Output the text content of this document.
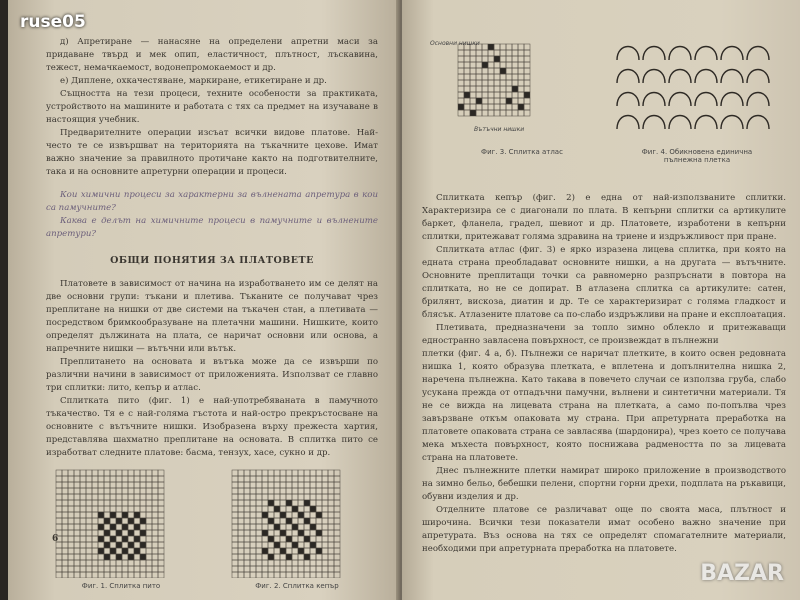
д) Апретиране — нанасяне на определени апретни маси за придаване твърд и мек опип, еластичност, плътност, лъскавина, тежест, немачкаемост, водонепромокаемост и др.

е) Дипленe, охкачестяване, маркиране, етикетиране и др.

Същността на тези процеси, техните особености за практиката, устройството на машините и работата с тях са предмет на изучаване в настоящия учебник.

Предварителните операции изсъат всички видове платове. Най-често те се извършват на територията на тъкачните цехове. Имат важно значение за правилното протичане както на подготвителните, така и на основните апретурни операции и процеси.

Кои химични процеси за характерни за вълнената апретура в кои са памучните?

Каква е делът на химичните процеси в памучните и вълнените апретури?

ОБЩИ ПОНЯТИЯ ЗА ПЛАТОВЕТЕ

Платовете в зависимост от начина на изработването им се делят на две основни групи: тъкани и плетива. Тъканите се получават чрез преплитане на нишки от две системи на тъкачен стан, а плетивата — посредством бримкообразуване на плетачни машини. Нишките, които определят дължината на плата, се наричат основни или основа, а напречните нишки — вътъчни или вътък.

Преплитането на основата и вътъка може да се извърши по различни начини в зависимост от приложенията. Използват се главно три сплитки: лито, кепър и атлас.

Сплитката пито (фиг. 1) е най-употребяваната в памучното тъкачество. Тя е с най-голяма гъстота и най-остро прекръстосване на основните с вътъчните нишки. Изобразена върху прежеста хартия, представлява шахматно преплитане на основата. В сплитка пито се изработват следните платове: басма, тензух, хасе, сукно и др.

Фиг. 1. Сплитка пито	Фиг. 2. Сплитка кепър
6
Основни нишки
Вътъчни нишки
Фиг. 3. Сплитка атлас	Фиг. 4. Обикновена единична пълнежна плетка

Сплитката кепър (фиг. 2) е една от най-използваните сплитки. Характеризира се с диагонали по плата. В кепърни сплитки са артикулите баркет, фланела, градел, шевиот и др. Платовете, изработени в кепърни сплитки, притежават голяма здравина на триене и издръжливост при пране.

Сплитката атлас (фиг. 3) е ярко изразена лицева сплитка, при която на едната страна преобладават основните нишки, а на другата — вътъчните. Основните преплитащи точки са равномерно разпръснати в повтора на сплитката, но не се допират. В атлазена сплитка са артикулите: сатен, брилянт, вискоза, диатин и др. Те се характеризират с голяма гладкост и блясък. Атлазените платове са по-слабо издръжливи на пране и експлоатация.

Плетивата, предназначени за топло зимно облекло и притежаващи едностранно завласена повърхност, се произвеждат в пълнежни

плетки (фиг. 4 а, б). Пълнежи се наричат плетките, в които освен редовната нишка 1, която образува плетката, е вплетена и допълнителна нишка 2, наречена пълнежна. Като такава в повечето случаи се използва груба, слабо усукана прежда от отпадъчни памучни, вълнени и синтетични материали. Тя не се вижда на лицевата страна на плетката, а само по-попълва чрез завързване откъм опаковата му страна. При апретурната преработка на платовете опаковата страна се завласява (шардонира), чрез което се получава мека мъхеста повърхност, която поснижава радмеността по за лицевата страна на платовете.

Днес пълнежните плетки намират широко приложение в производството на зимно бельо, бебешки пелени, спортни горни дрехи, подплата на ръкавици, обувни изделия и др.

Отделните платове се различават още по своята маса, плътност и широчина. Всички тези показатели имат особено важно значение при апретурата. Въз основа на тях се определят спомагателните материали, необходими при апретурната преработка на платовете.

ruse05
BAZAR
